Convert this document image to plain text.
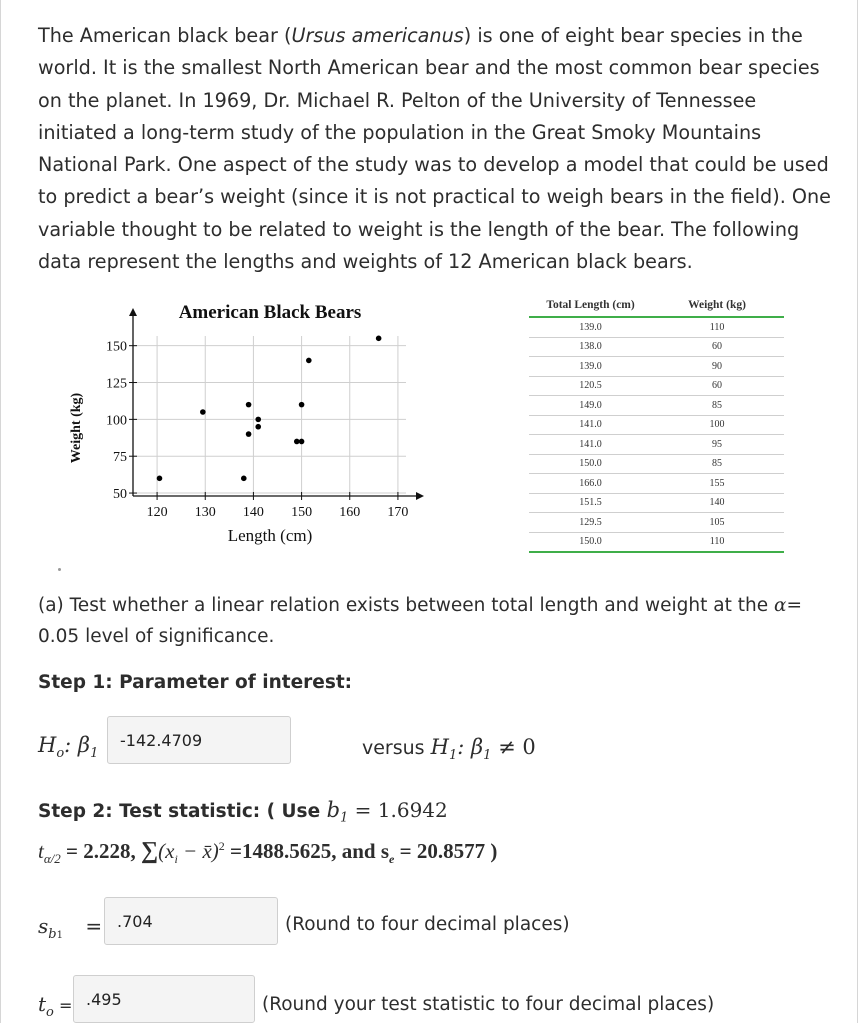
The American black bear (Ursus americanus) is one of eight bear species in the world. It is the smallest North American bear and the most common bear species on the planet. In 1969, Dr. Michael R. Pelton of the University of Tennessee initiated a long-term study of the population in the Great Smoky Mountains National Park. One aspect of the study was to develop a model that could be used to predict a bear’s weight (since it is not practical to weigh bears in the field). One variable thought to be related to weight is the length of the bear. The following data represent the lengths and weights of 12 American black bears.
American Black Bears
120 130 140 150 160 170
50
75
100
125
150
Length (cm)
Weight (kg)
Total Length (cm)	Weight (kg)
139.0	110
138.0	60
139.0	90
120.5	60
149.0	85
141.0	100
141.0	95
150.0	85
166.0	155
151.5	140
129.5	105
150.0	110
(a) Test whether a linear relation exists between total length and weight at the α=
0.05 level of significance.
Step 1: Parameter of interest:
$H_o$: $\beta_1$
-142.4709	versus $H_1$: $\beta_1 \ne 0$
Step 2: Test statistic: ( Use $b_1 = 1.6942$
$t_{\alpha/2} = 2.228$, $\sum(x_i$ − x̄)$^2$ =1488.5625, and $s_e = 20.8577$ )
$s_{b1} = .704$	(Round to four decimal places)
$t_o = .495$	(Round your test statistic to four decimal places)
